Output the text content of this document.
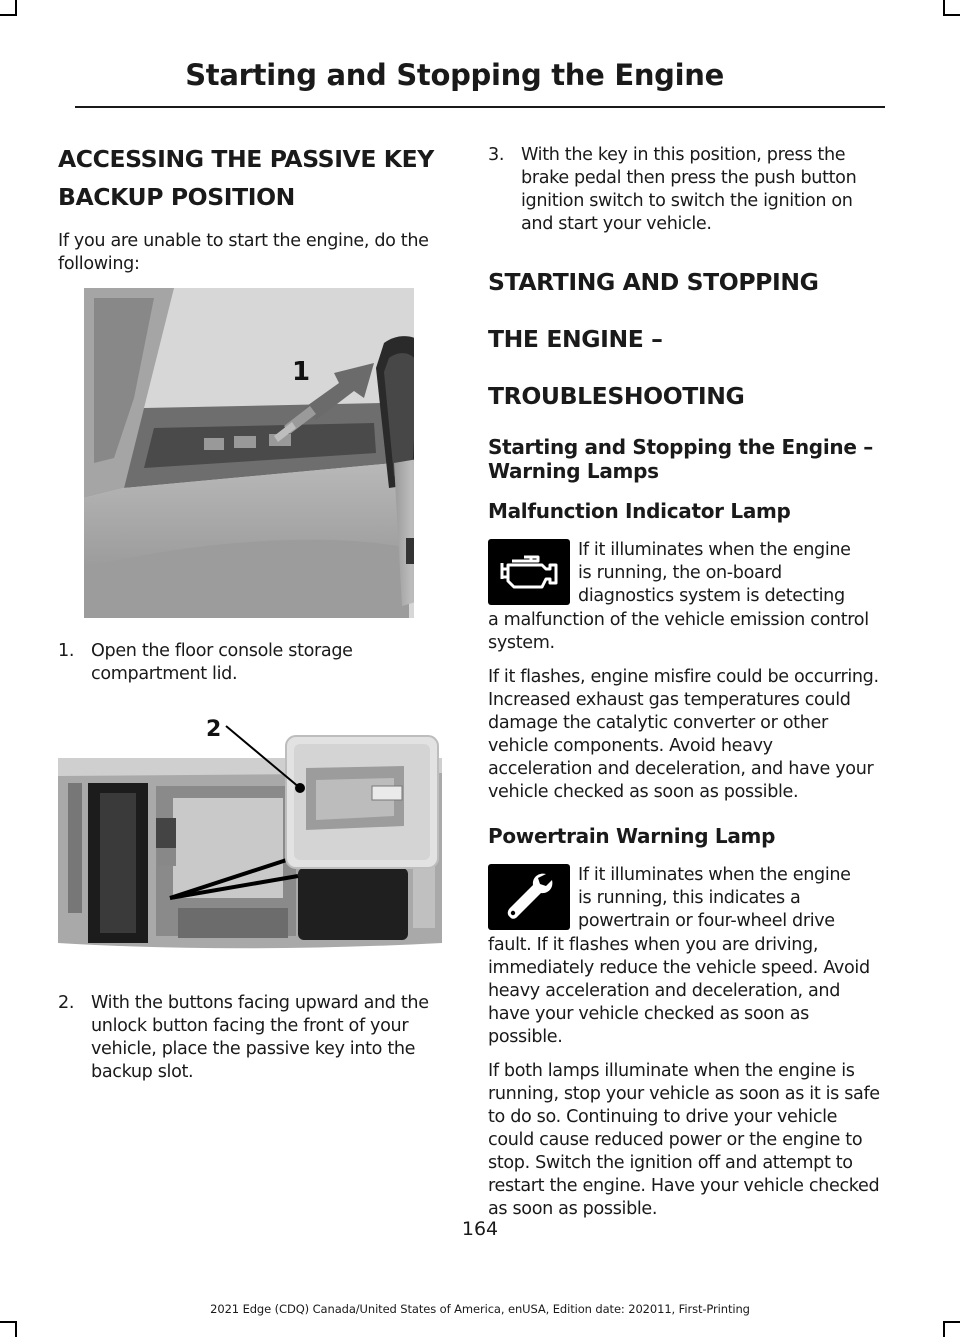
Starting and Stopping the Engine
ACCESSING THE PASSIVE KEY
BACKUP POSITION

If you are unable to start the engine, do the following:

1
1. Open the floor console storage compartment lid.
2
2. With the buttons facing upward and the unlock button facing the front of your vehicle, place the passive key into the backup slot.
3. With the key in this position, press the brake pedal then press the push button ignition switch to switch the ignition on and start your vehicle.
STARTING AND STOPPING
THE ENGINE –
TROUBLESHOOTING
Starting and Stopping the Engine – Warning Lamps
Malfunction Indicator Lamp
If it illuminates when the engine
is running, the on-board
diagnostics system is detecting
a malfunction of the vehicle emission control system.

If it flashes, engine misfire could be occurring. Increased exhaust gas temperatures could damage the catalytic converter or other vehicle components. Avoid heavy acceleration and deceleration, and have your vehicle checked as soon as possible.

Powertrain Warning Lamp
If it illuminates when the engine
is running, this indicates a
powertrain or four-wheel drive
fault. If it flashes when you are driving, immediately reduce the vehicle speed. Avoid heavy acceleration and deceleration, and have your vehicle checked as soon as possible.

If both lamps illuminate when the engine is running, stop your vehicle as soon as it is safe to do so. Continuing to drive your vehicle could cause reduced power or the engine to stop. Switch the ignition off and attempt to restart the engine. Have your vehicle checked as soon as possible.

164
2021 Edge (CDQ) Canada/United States of America, enUSA, Edition date: 202011, First-Printing
